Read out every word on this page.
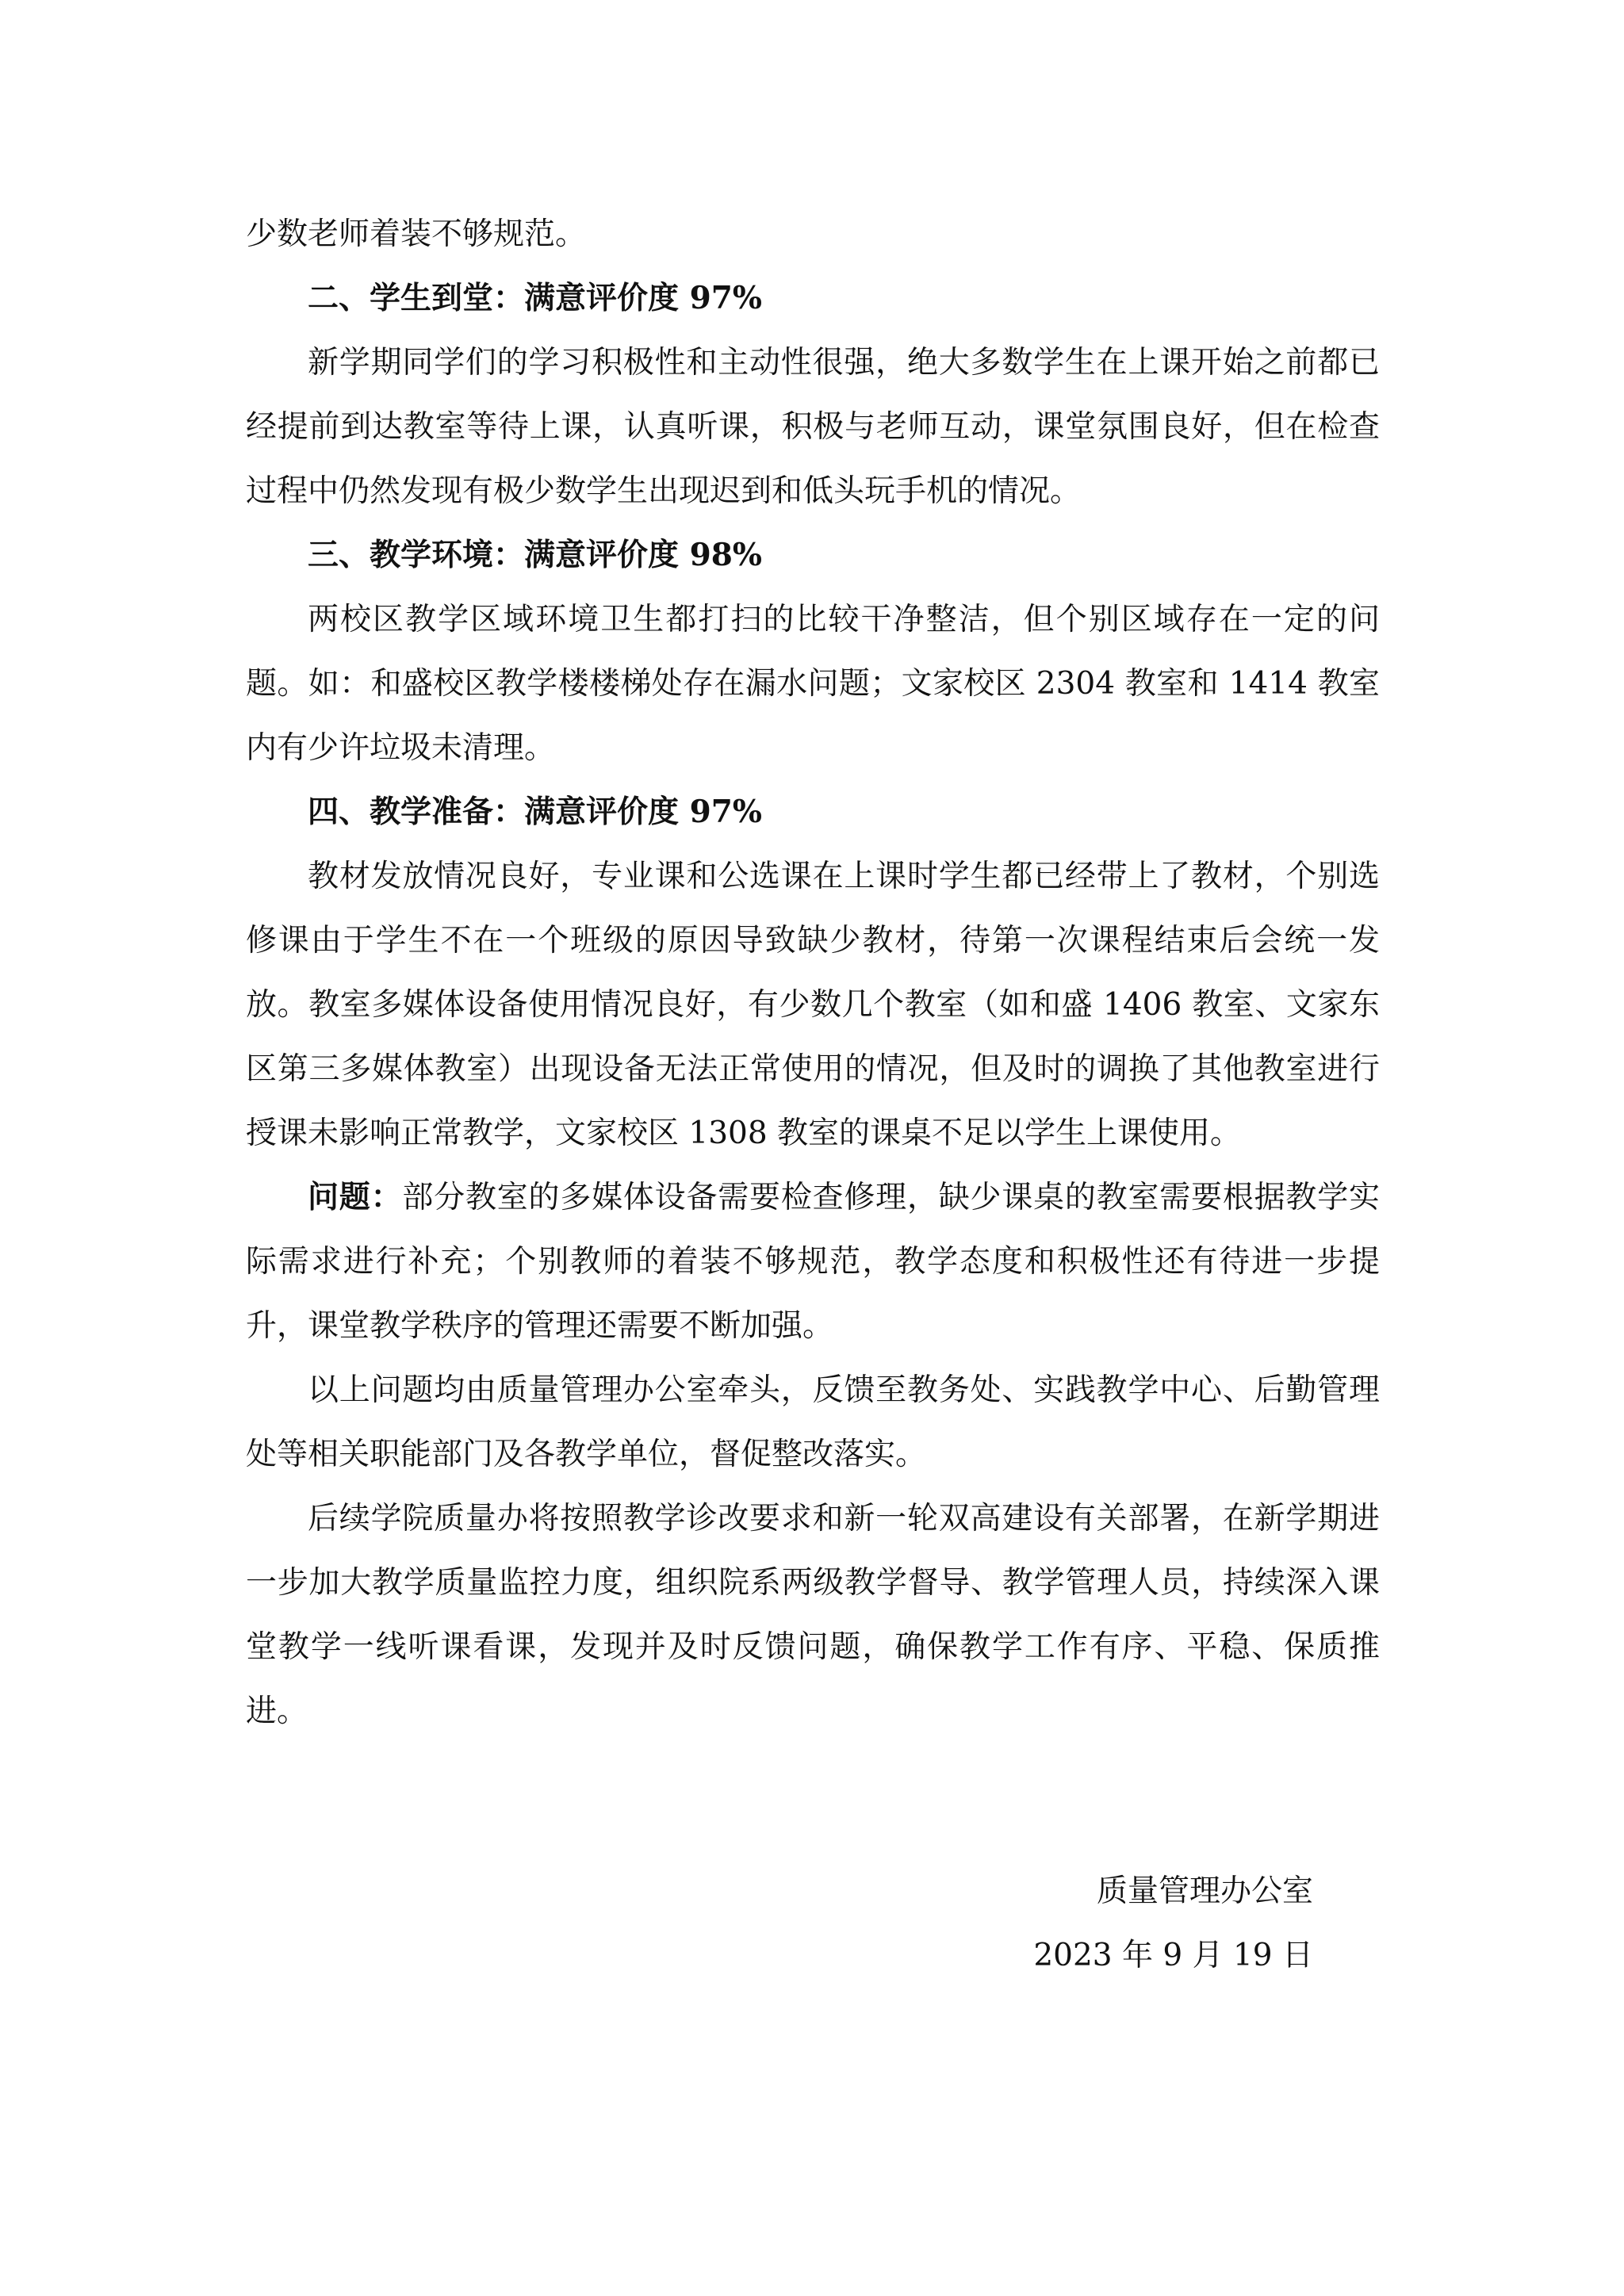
少数老师着装不够规范。

二、学生到堂：满意评价度 97%

新学期同学们的学习积极性和主动性很强，绝大多数学生在上课开始之前都已经提前到达教室等待上课，认真听课，积极与老师互动，课堂氛围良好，但在检查过程中仍然发现有极少数学生出现迟到和低头玩手机的情况。

三、教学环境：满意评价度 98%

两校区教学区域环境卫生都打扫的比较干净整洁，但个别区域存在一定的问题。如：和盛校区教学楼楼梯处存在漏水问题；文家校区 2304 教室和 1414 教室内有少许垃圾未清理。

四、教学准备：满意评价度 97%

教材发放情况良好，专业课和公选课在上课时学生都已经带上了教材，个别选修课由于学生不在一个班级的原因导致缺少教材，待第一次课程结束后会统一发放。教室多媒体设备使用情况良好，有少数几个教室（如和盛 1406 教室、文家东区第三多媒体教室）出现设备无法正常使用的情况，但及时的调换了其他教室进行授课未影响正常教学，文家校区 1308 教室的课桌不足以学生上课使用。

问题：部分教室的多媒体设备需要检查修理，缺少课桌的教室需要根据教学实际需求进行补充；个别教师的着装不够规范，教学态度和积极性还有待进一步提升，课堂教学秩序的管理还需要不断加强。

以上问题均由质量管理办公室牵头，反馈至教务处、实践教学中心、后勤管理处等相关职能部门及各教学单位，督促整改落实。

后续学院质量办将按照教学诊改要求和新一轮双高建设有关部署，在新学期进一步加大教学质量监控力度，组织院系两级教学督导、教学管理人员，持续深入课堂教学一线听课看课，发现并及时反馈问题，确保教学工作有序、平稳、保质推进。

质量管理办公室
2023 年 9 月 19 日
